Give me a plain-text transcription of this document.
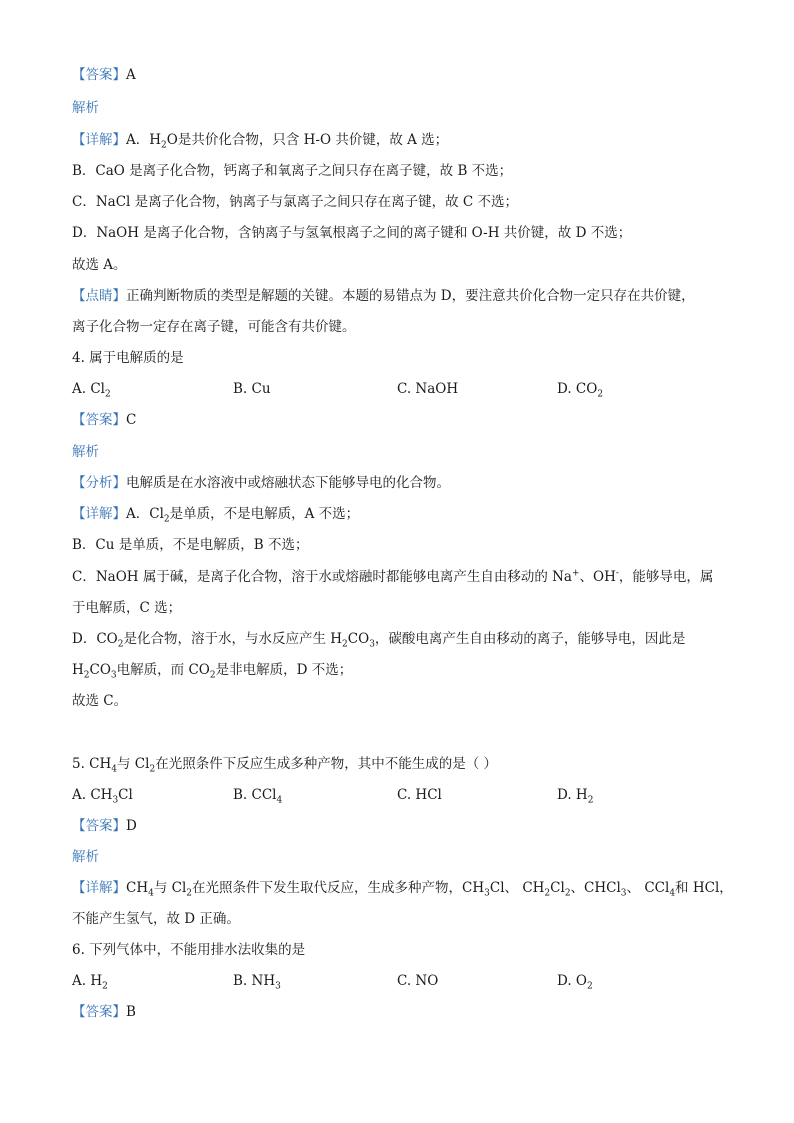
【答案】A
解析
【详解】A．$H_2O$是共价化合物，只含 H-O 共价键，故 A 选；
B．CaO 是离子化合物，钙离子和氧离子之间只存在离子键，故 B 不选；
C．NaCl 是离子化合物，钠离子与氯离子之间只存在离子键，故 C 不选；
D．NaOH 是离子化合物，含钠离子与氢氧根离子之间的离子键和 O-H 共价键，故 D 不选；
故选 A。
【点睛】正确判断物质的类型是解题的关键。本题的易错点为 D，要注意共价化合物一定只存在共价键，
离子化合物一定存在离子键，可能含有共价键。
4. 属于电解质的是
A. $Cl_2$	B. Cu	C. NaOH	D. $CO_2$
【答案】C
解析
【分析】电解质是在水溶液中或熔融状态下能够导电的化合物。
【详解】A．$Cl_2$是单质，不是电解质，A 不选；
B．Cu 是单质，不是电解质，B 不选；
C．NaOH 属于碱，是离子化合物，溶于水或熔融时都能够电离产生自由移动的 Na+、OH-，能够导电，属
于电解质，C 选；
D．$CO_2$是化合物，溶于水，与水反应产生 $H_2CO_3$，碳酸电离产生自由移动的离子，能够导电，因此是
$H_2CO_3$电解质，而 $CO_2$是非电解质，D 不选；
故选 C。
5. $CH_4$与 $Cl_2$在光照条件下反应生成多种产物，其中不能生成的是（ ）
A. $CH_3Cl$	B. CCl$_4$	C. HCl	D. $H_2$
【答案】D
解析
【详解】$CH_4$与 $Cl_2$在光照条件下发生取代反应，生成多种产物，$CH_3Cl$、 $CH_2Cl_2$、CHCl$_3$、 CCl$_4$和 HCl，
不能产生氢气，故 D 正确。
6. 下列气体中，不能用排水法收集的是
A. $H_2$	B. $NH_3$	C. NO	D. $O_2$
【答案】B
